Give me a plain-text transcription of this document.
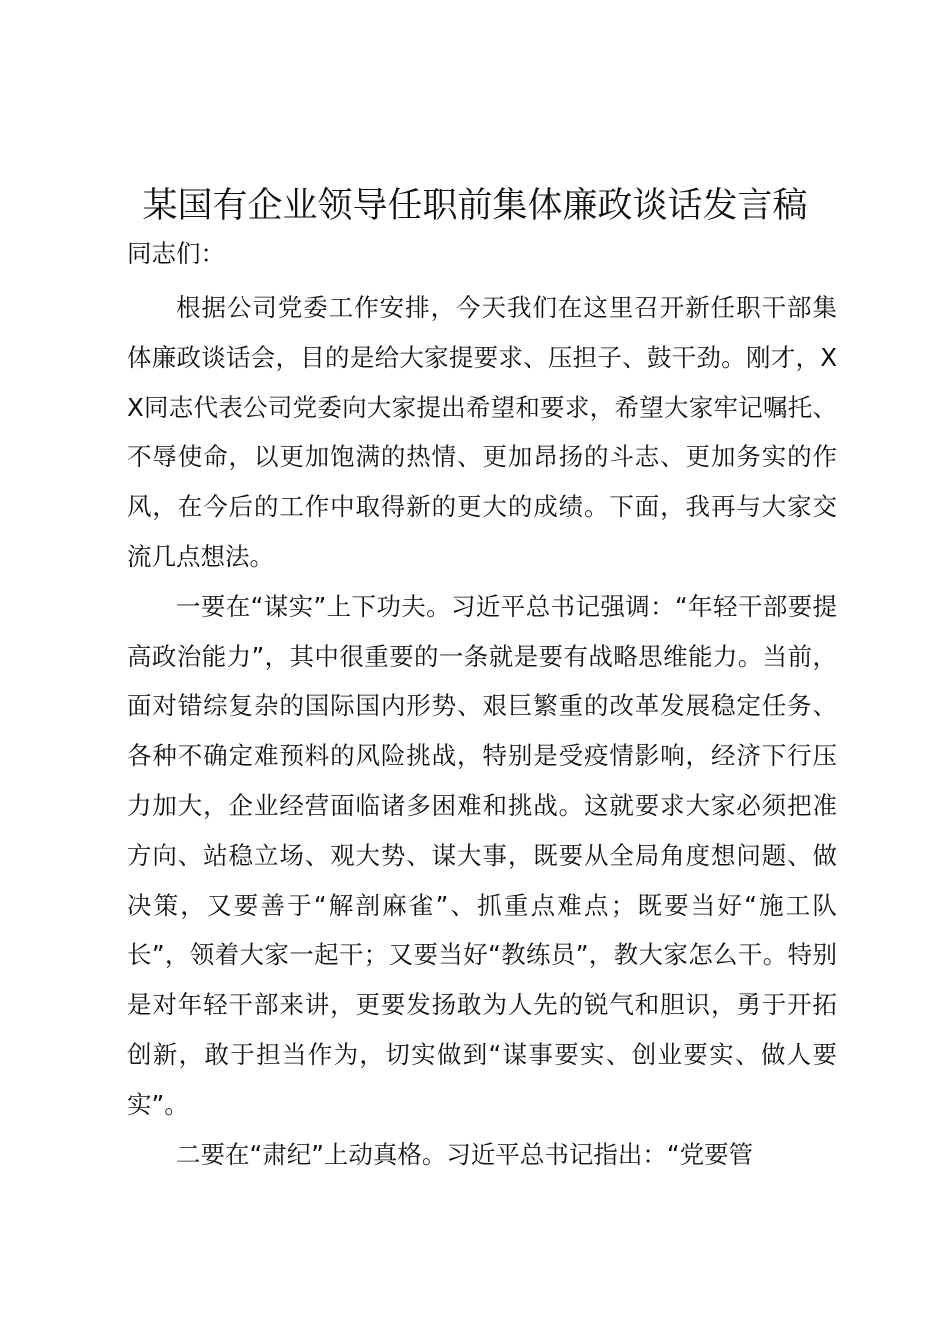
某国有企业领导任职前集体廉政谈话发言稿

同志们：

根据公司党委工作安排，今天我们在这里召开新任职干部集体廉政谈话会，目的是给大家提要求、压担子、鼓干劲。刚才，XX同志代表公司党委向大家提出希望和要求，希望大家牢记嘱托、不辱使命，以更加饱满的热情、更加昂扬的斗志、更加务实的作风，在今后的工作中取得新的更大的成绩。下面，我再与大家交流几点想法。

一要在“谋实”上下功夫。习近平总书记强调：“年轻干部要提高政治能力”，其中很重要的一条就是要有战略思维能力。当前，面对错综复杂的国际国内形势、艰巨繁重的改革发展稳定任务、各种不确定难预料的风险挑战，特别是受疫情影响，经济下行压力加大，企业经营面临诸多困难和挑战。这就要求大家必须把准方向、站稳立场、观大势、谋大事，既要从全局角度想问题、做决策，又要善于“解剖麻雀”、抓重点难点；既要当好“施工队长”，领着大家一起干；又要当好“教练员”，教大家怎么干。特别是对年轻干部来讲，更要发扬敢为人先的锐气和胆识，勇于开拓创新，敢于担当作为，切实做到“谋事要实、创业要实、做人要实”。

二要在“肃纪”上动真格。习近平总书记指出：“党要管
